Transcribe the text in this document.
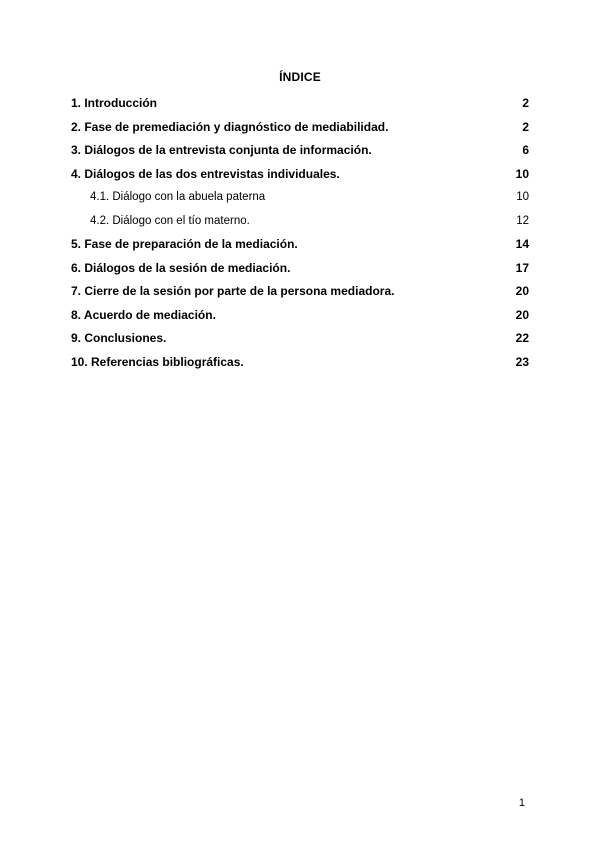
ÍNDICE
1. Introducción	2
2. Fase de premediación y diagnóstico de mediabilidad.	2
3. Diálogos de la entrevista conjunta de información.	6
4. Diálogos de las dos entrevistas individuales.	10
4.1. Diálogo con la abuela paterna	10
4.2. Diálogo con el tío materno.	12
5. Fase de preparación de la mediación.	14
6. Diálogos de la sesión de mediación.	17
7. Cierre de la sesión por parte de la persona mediadora.	20
8. Acuerdo de mediación.	20
9. Conclusiones.	22
10. Referencias bibliográficas.	23
1
